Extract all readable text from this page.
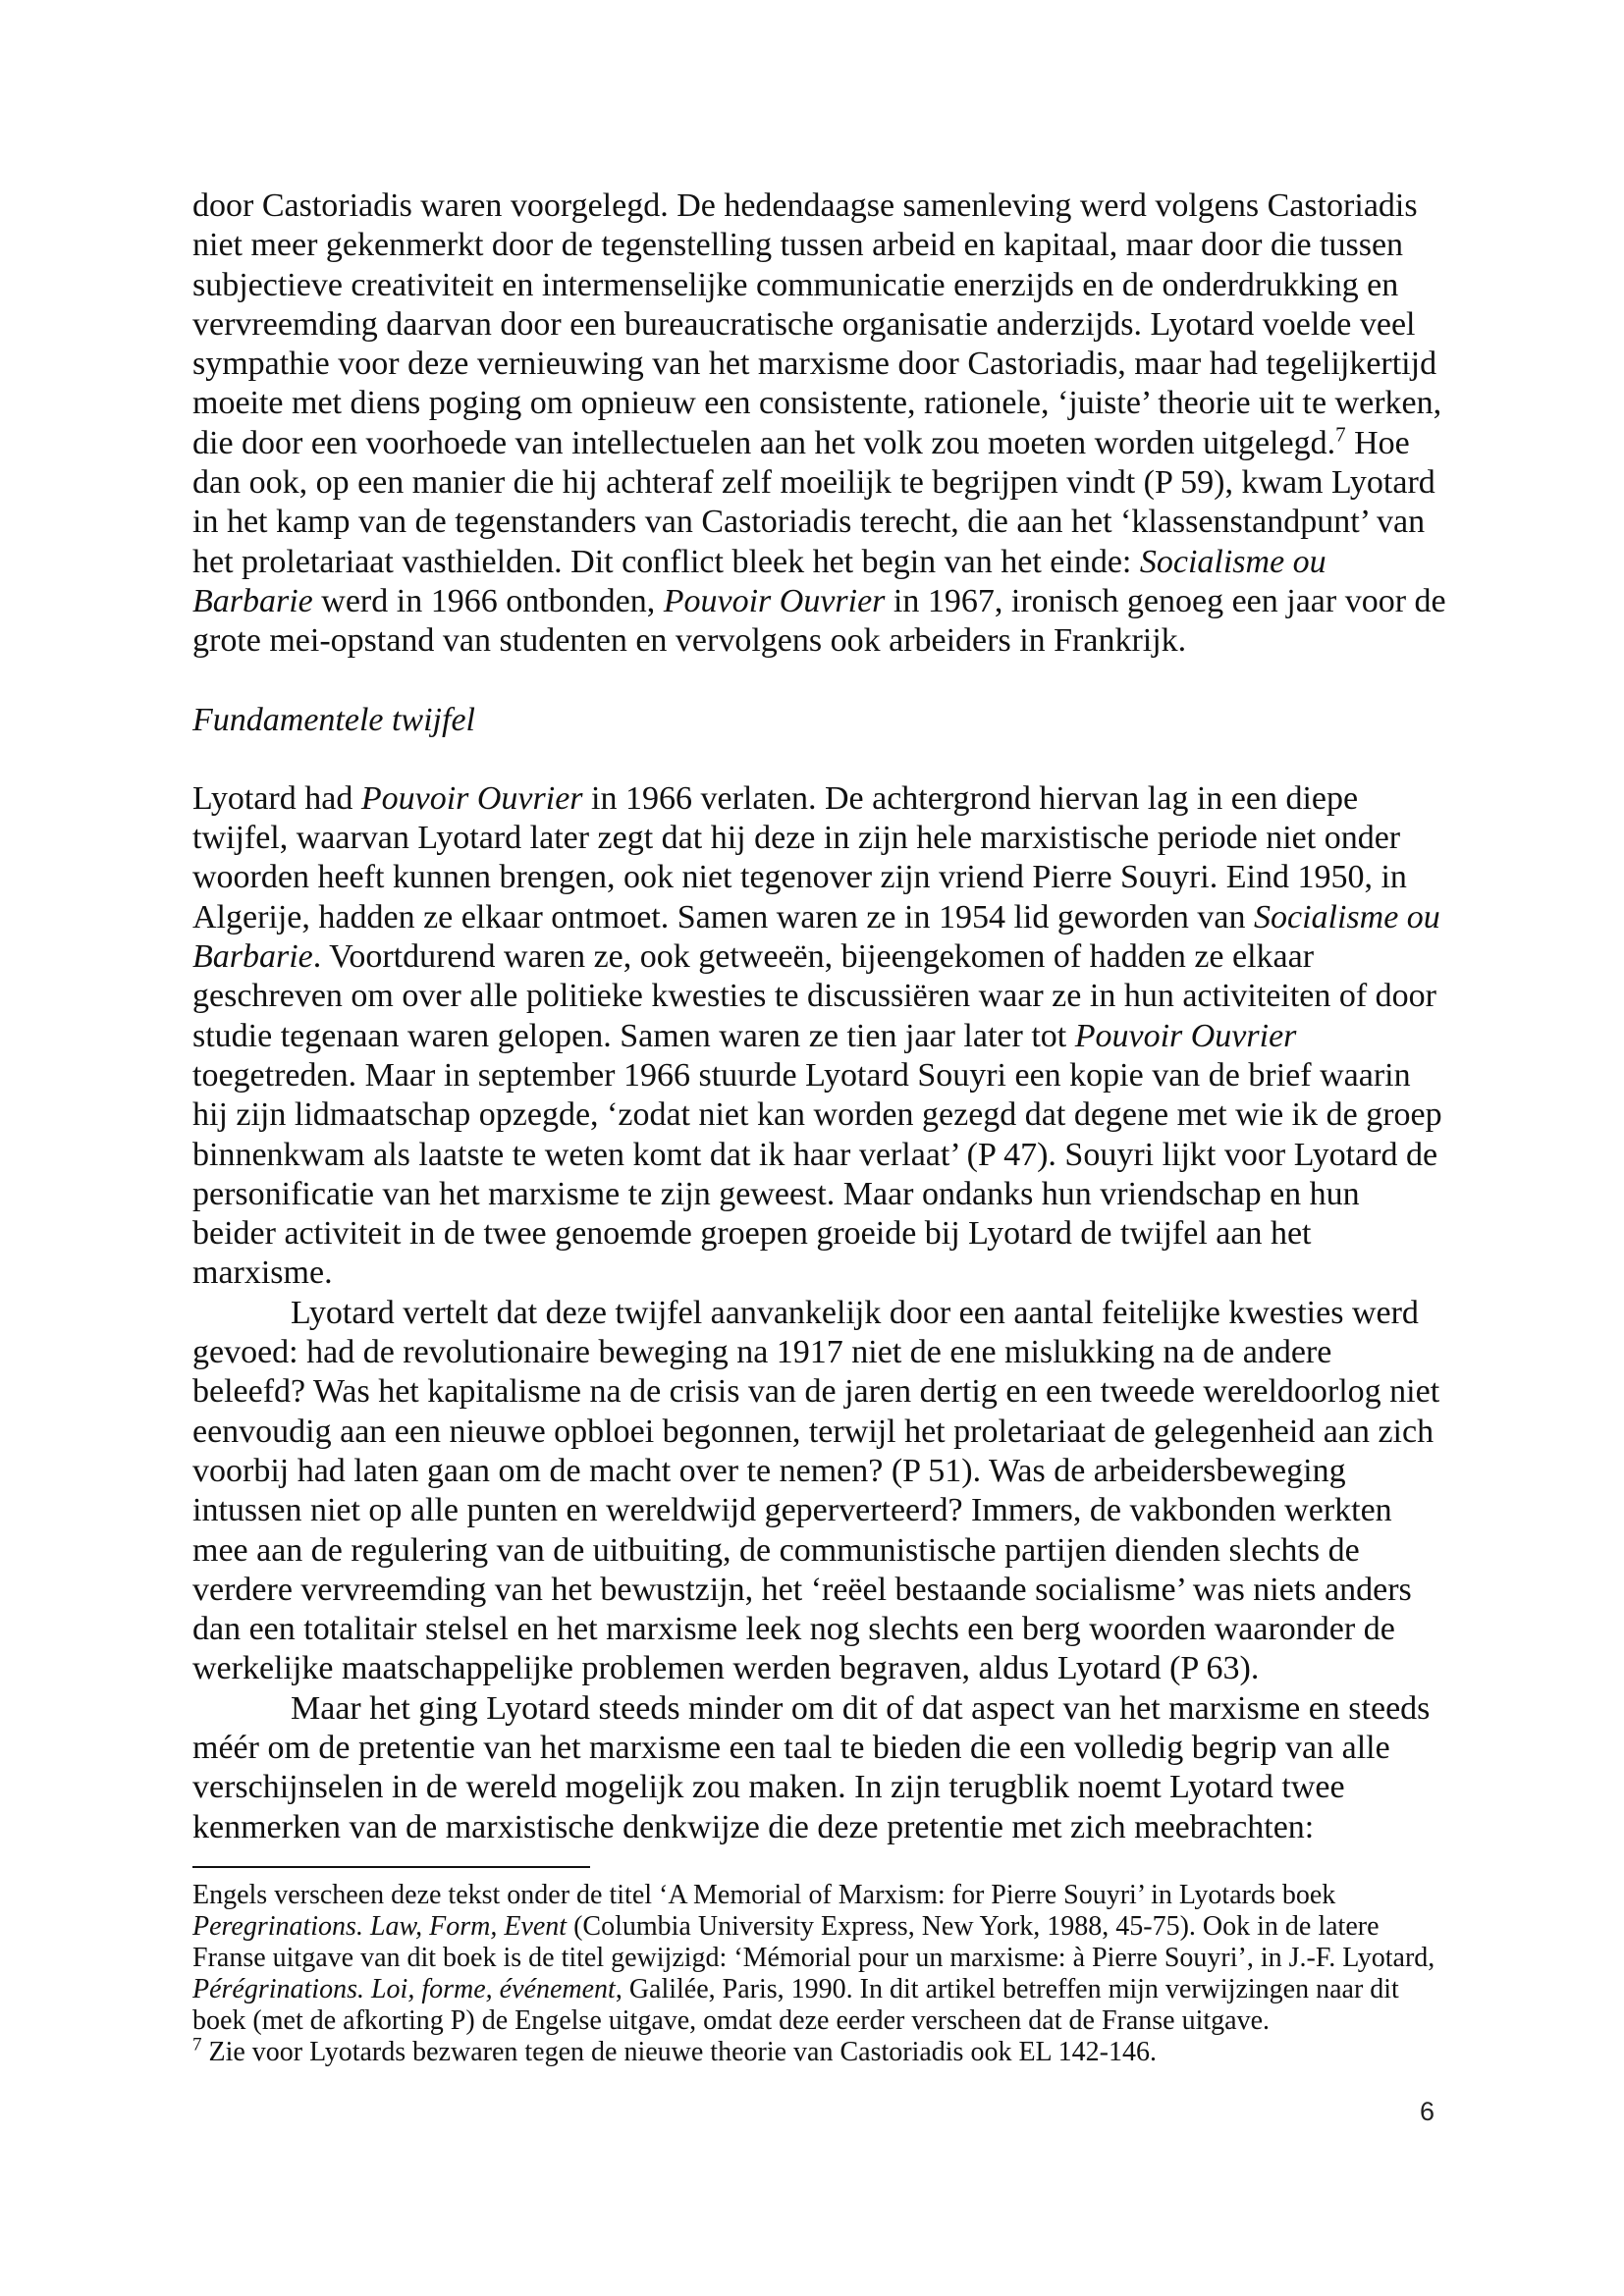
door Castoriadis waren voorgelegd. De hedendaagse samenleving werd volgens Castoriadis niet meer gekenmerkt door de tegenstelling tussen arbeid en kapitaal, maar door die tussen subjectieve creativiteit en intermenselijke communicatie enerzijds en de onderdrukking en vervreemding daarvan door een bureaucratische organisatie anderzijds. Lyotard voelde veel sympathie voor deze vernieuwing van het marxisme door Castoriadis, maar had tegelijkertijd moeite met diens poging om opnieuw een consistente, rationele, ‘juiste’ theorie uit te werken, die door een voorhoede van intellectuelen aan het volk zou moeten worden uitgelegd.$^7$ Hoe dan ook, op een manier die hij achteraf zelf moeilijk te begrijpen vindt (P 59), kwam Lyotard in het kamp van de tegenstanders van Castoriadis terecht, die aan het ‘klassenstandpunt’ van het proletariaat vasthielden. Dit conflict bleek het begin van het einde: Socialisme ou Barbarie werd in 1966 ontbonden, Pouvoir Ouvrier in 1967, ironisch genoeg een jaar voor de grote mei-opstand van studenten en vervolgens ook arbeiders in Frankrijk.

Fundamentele twijfel

Lyotard had Pouvoir Ouvrier in 1966 verlaten. De achtergrond hiervan lag in een diepe twijfel, waarvan Lyotard later zegt dat hij deze in zijn hele marxistische periode niet onder woorden heeft kunnen brengen, ook niet tegenover zijn vriend Pierre Souyri. Eind 1950, in Algerije, hadden ze elkaar ontmoet. Samen waren ze in 1954 lid geworden van Socialisme ou Barbarie. Voortdurend waren ze, ook getweeën, bijeengekomen of hadden ze elkaar geschreven om over alle politieke kwesties te discussiëren waar ze in hun activiteiten of door studie tegenaan waren gelopen. Samen waren ze tien jaar later tot Pouvoir Ouvrier toegetreden. Maar in september 1966 stuurde Lyotard Souyri een kopie van de brief waarin hij zijn lidmaatschap opzegde, ‘zodat niet kan worden gezegd dat degene met wie ik de groep binnenkwam als laatste te weten komt dat ik haar verlaat’ (P 47). Souyri lijkt voor Lyotard de personificatie van het marxisme te zijn geweest. Maar ondanks hun vriendschap en hun beider activiteit in de twee genoemde groepen groeide bij Lyotard de twijfel aan het marxisme.

Lyotard vertelt dat deze twijfel aanvankelijk door een aantal feitelijke kwesties werd gevoed: had de revolutionaire beweging na 1917 niet de ene mislukking na de andere beleefd? Was het kapitalisme na de crisis van de jaren dertig en een tweede wereldoorlog niet eenvoudig aan een nieuwe opbloei begonnen, terwijl het proletariaat de gelegenheid aan zich voorbij had laten gaan om de macht over te nemen? (P 51). Was de arbeidersbeweging intussen niet op alle punten en wereldwijd geperverteerd? Immers, de vakbonden werkten mee aan de regulering van de uitbuiting, de communistische partijen dienden slechts de verdere vervreemding van het bewustzijn, het ‘reëel bestaande socialisme’ was niets anders dan een totalitair stelsel en het marxisme leek nog slechts een berg woorden waaronder de werkelijke maatschappelijke problemen werden begraven, aldus Lyotard (P 63).

Maar het ging Lyotard steeds minder om dit of dat aspect van het marxisme en steeds méér om de pretentie van het marxisme een taal te bieden die een volledig begrip van alle verschijnselen in de wereld mogelijk zou maken. In zijn terugblik noemt Lyotard twee kenmerken van de marxistische denkwijze die deze pretentie met zich meebrachten:

Engels verscheen deze tekst onder de titel ‘A Memorial of Marxism: for Pierre Souyri’ in Lyotards boek Peregrinations. Law, Form, Event (Columbia University Express, New York, 1988, 45-75). Ook in de latere Franse uitgave van dit boek is de titel gewijzigd: ‘Mémorial pour un marxisme: à Pierre Souyri’, in J.-F. Lyotard, Pérégrinations. Loi, forme, événement, Galilée, Paris, 1990. In dit artikel betreffen mijn verwijzingen naar dit boek (met de afkorting P) de Engelse uitgave, omdat deze eerder verscheen dat de Franse uitgave.

$^7$ Zie voor Lyotards bezwaren tegen de nieuwe theorie van Castoriadis ook EL 142-146.

6
